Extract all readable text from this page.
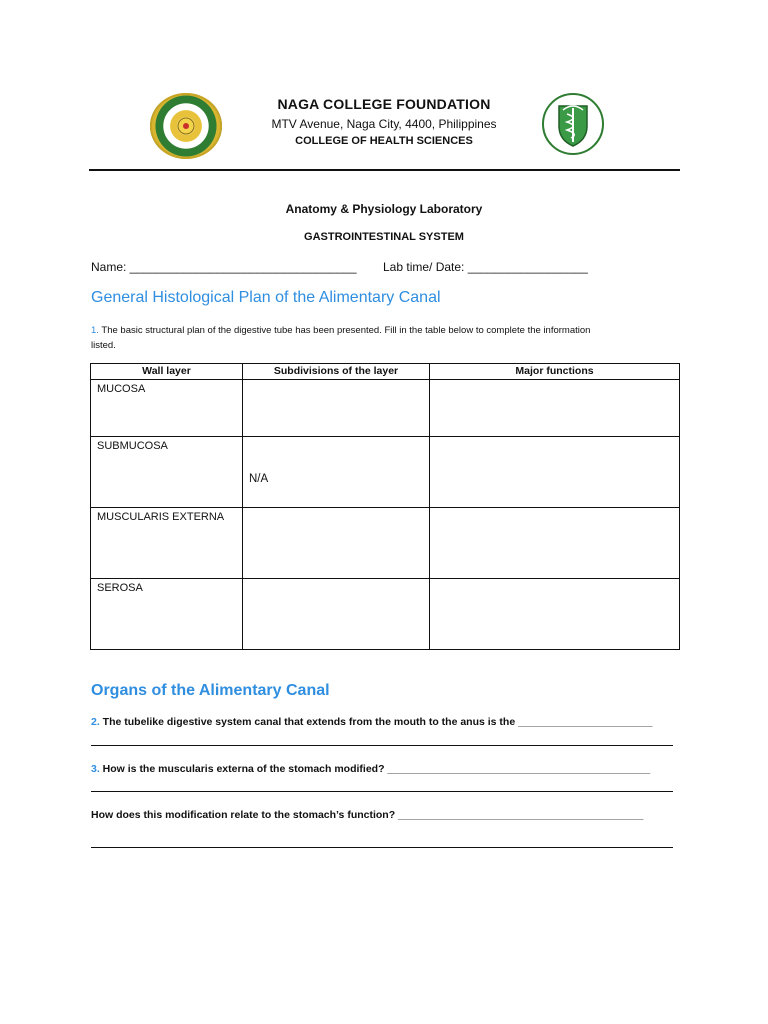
NAGA COLLEGE FOUNDATION
MTV Avenue, Naga City, 4400, Philippines
COLLEGE OF HEALTH SCIENCES
Anatomy & Physiology Laboratory
GASTROINTESTINAL SYSTEM
Name: __________________________________ Lab time/ Date: __________________
General Histological Plan of the Alimentary Canal
1. The basic structural plan of the digestive tube has been presented. Fill in the table below to complete the information listed.
Wall layer	Subdivisions of the layer	Major functions
MUCOSA		
SUBMUCOSA	N/A	

MUSCULARIS EXTERNA		
SEROSA		
Organs of the Alimentary Canal
2. The tubelike digestive system canal that extends from the mouth to the anus is the _______________________
3. How is the muscularis externa of the stomach modified? _____________________________________________
How does this modification relate to the stomach’s function? __________________________________________
